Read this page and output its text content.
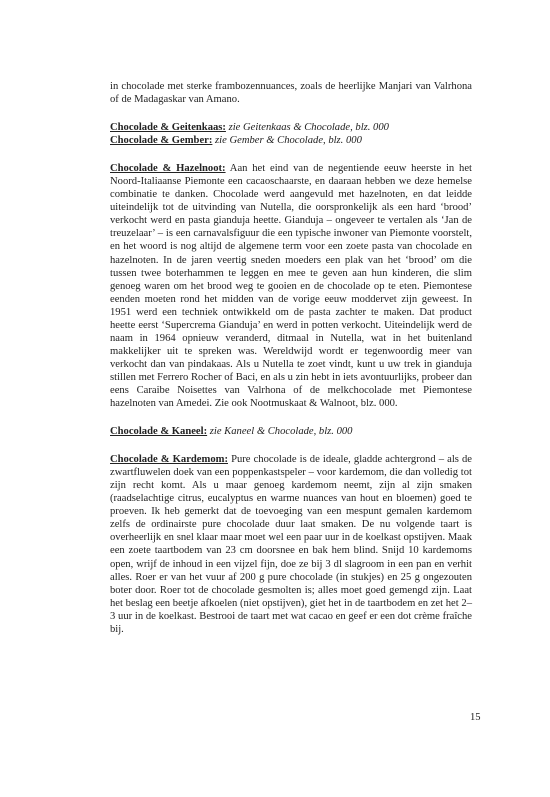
in chocolade met sterke frambozennuances, zoals de heerlijke Manjari van Valrhona of de Madagaskar van Amano.

Chocolade & Geitenkaas: zie Geitenkaas & Chocolade, blz. 000

Chocolade & Gember: zie Gember & Chocolade, blz. 000

Chocolade & Hazelnoot: Aan het eind van de negentiende eeuw heerste in het Noord-Italiaanse Piemonte een cacaoschaarste, en daaraan hebben we deze hemelse combinatie te danken. Chocolade werd aangevuld met hazelnoten, en dat leidde uiteindelijk tot de uitvinding van Nutella, die oorspronkelijk als een hard ‘brood’ verkocht werd en pasta gianduja heette. Gianduja – ongeveer te vertalen als ‘Jan de treuzelaar’ – is een carnavalsfiguur die een typische inwoner van Piemonte voorstelt, en het woord is nog altijd de algemene term voor een zoete pasta van chocolade en hazelnoten. In de jaren veertig sneden moeders een plak van het ‘brood’ om die tussen twee boterhammen te leggen en mee te geven aan hun kinderen, die slim genoeg waren om het brood weg te gooien en de chocolade op te eten. Piemontese eenden moeten rond het midden van de vorige eeuw moddervet zijn geweest. In 1951 werd een techniek ontwikkeld om de pasta zachter te maken. Dat product heette eerst ‘Supercrema Gianduja’ en werd in potten verkocht. Uiteindelijk werd de naam in 1964 opnieuw veranderd, ditmaal in Nutella, wat in het buitenland makkelijker uit te spreken was. Wereldwijd wordt er tegenwoordig meer van verkocht dan van pindakaas. Als u Nutella te zoet vindt, kunt u uw trek in gianduja stillen met Ferrero Rocher of Baci, en als u zin hebt in iets avontuurlijks, probeer dan eens Caraibe Noisettes van Valrhona of de melkchocolade met Piemontese hazelnoten van Amedei. Zie ook Nootmuskaat & Walnoot, blz. 000.

Chocolade & Kaneel: zie Kaneel & Chocolade, blz. 000

Chocolade & Kardemom: Pure chocolade is de ideale, gladde achtergrond – als de zwartfluwelen doek van een poppenkastspeler – voor kardemom, die dan volledig tot zijn recht komt. Als u maar genoeg kardemom neemt, zijn al zijn smaken (raadselachtige citrus, eucalyptus en warme nuances van hout en bloemen) goed te proeven. Ik heb gemerkt dat de toevoeging van een mespunt gemalen kardemom zelfs de ordinairste pure chocolade duur laat smaken. De nu volgende taart is overheerlijk en snel klaar maar moet wel een paar uur in de koelkast opstijven. Maak een zoete taartbodem van 23 cm doorsnee en bak hem blind. Snijd 10 kardemoms open, wrijf de inhoud in een vijzel fijn, doe ze bij 3 dl slagroom in een pan en verhit alles. Roer er van het vuur af 200 g pure chocolade (in stukjes) en 25 g ongezouten boter door. Roer tot de chocolade gesmolten is; alles moet goed gemengd zijn. Laat het beslag een beetje afkoelen (niet opstijven), giet het in de taartbodem en zet het 2–3 uur in de koelkast. Bestrooi de taart met wat cacao en geef er een dot crème fraîche bij.

15
